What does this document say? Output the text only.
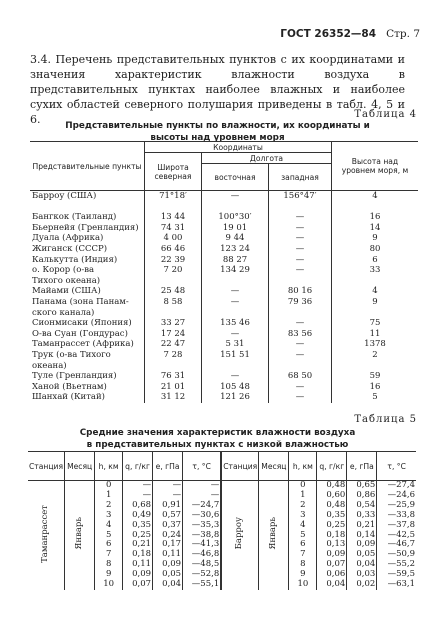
ГОСТ 26352—84 Стр. 7
3.4. Перечень представительных пунктов с их координатами и значения характеристик влажности воздуха в представительных пунктах наиболее влажных и наиболее сухих областей северного полушария приведены в табл. 4, 5 и 6.	Таблица 4
Представительные пункты по влажности, их координаты и
высоты над уровнем моря
Представительные пункты	Координаты			Высота над уровнем моря, м
	Широта северная	Долгота		
		восточная	западная	
Барроу (США)	71°18′	—	156°47′	4

Бангкок (Таиланд)	13 44	100°30′	—	16
Бьернейя (Гренландия)	74 31	19 01	—	14
Дуала (Африка)	4 00	9 44	—	9
Жиганск (СССР)	66 46	123 24	—	80
Калькутта (Индия)	22 39	88 27	—	6
о. Корор (о-ва	7 20	134 29	—	33
Тихого океана)				
Майами (США)	25 48	—	80 16	4
Панама (зона Панам-	8 58	—	79 36	9
ского канала)				
Сионмисаки (Япония)	33 27	135 46	—	75
О-ва Суан (Гондурас)	17 24	—	83 56	11
Таманрассет (Африка)	22 47	5 31	—	1378
Трук (о-ва Тихого	7 28	151 51	—	2
океана)				
Туле (Гренландия)	76 31	—	68 50	59
Ханой (Вьетнам)	21 01	105 48	—	16
Шанхай (Китай)	31 12	121 26	—	5
Таблица 5
Средние значения характеристик влажности воздуха
в представительных пунктах с низкой влажностью
Станция	Месяц	h, км	q, г/кг	e, гПа	τ, °С	Станция	Месяц	h, км	q, г/кг	e, гПа	τ, °С
Таманрассет	Январь	0	—	—	—	Барроу	Январь	0	0,48	0,65	—27,4
		1	—	—	—			1	0,60	0,86	—24,6
		2	0,68	0,91	—24,7			2	0,48	0,54	—25,9
		3	0,49	0,57	—30,6			3	0,35	0,33	—33,8
		4	0,35	0,37	—35,3			4	0,25	0,21	—37,8
		5	0,25	0,24	—38,8			5	0,18	0,14	—42,5
		6	0,21	0,17	—41,3			6	0,13	0,09	—46,7
		7	0,18	0,11	—46,8			7	0,09	0,05	—50,9
		8	0,11	0,09	—48,5			8	0,07	0,04	—55,2
		9	0,09	0,05	—52,8			9	0,06	0,03	—59,5
		10	0,07	0,04	—55,1			10	0,04	0,02	—63,1
